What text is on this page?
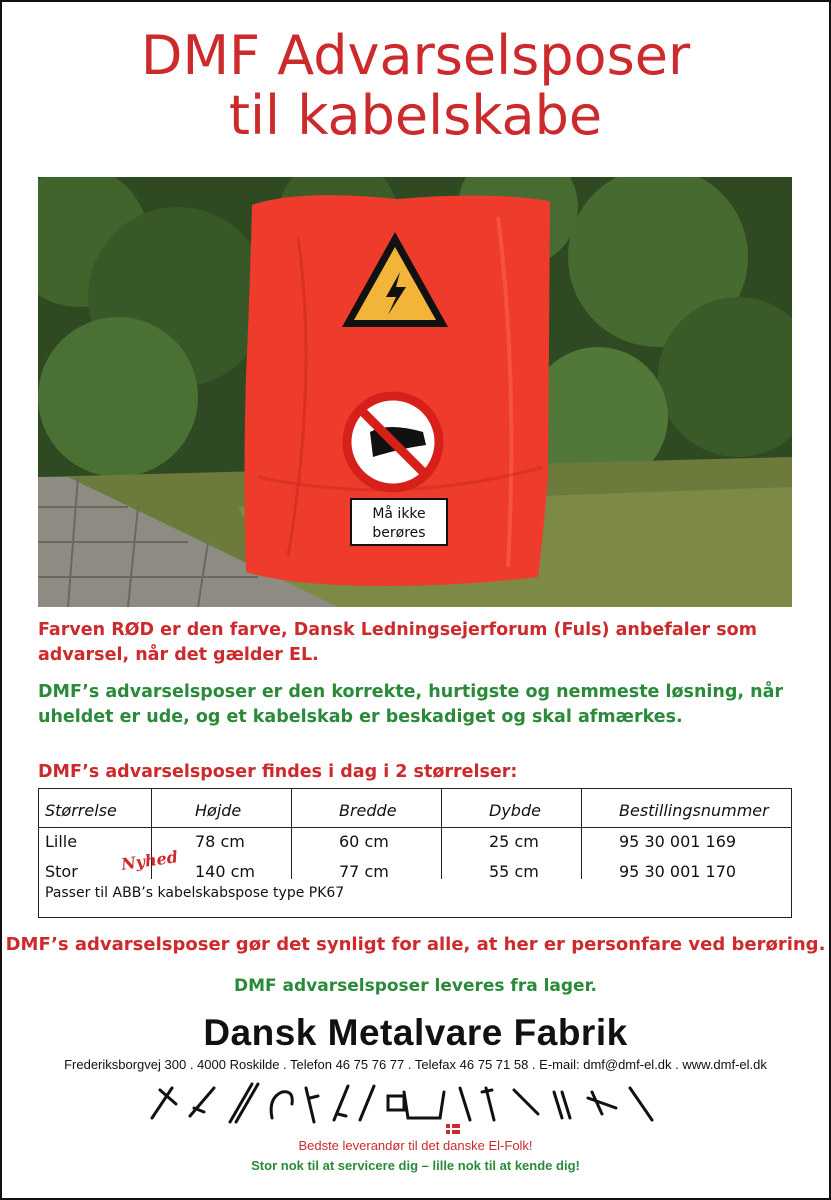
DMF Advarselsposer
til kabelskabe
Må ikke
berøres
Farven RØD er den farve, Dansk Ledningsejerforum (Fuls) anbefaler som advarsel, når det gælder EL.
DMF’s advarselsposer er den korrekte, hurtigste og nemmeste løsning, når uheldet er ude, og et kabelskab er beskadiget og skal afmærkes.
DMF’s advarselsposer findes i dag i 2 størrelser:
Størrelse	Højde	Bredde	Dybde	Bestillingsnummer
Lille	78 cm	60 cm	25 cm	95 30 001 169
Stor	Nyhed 140 cm	77 cm	55 cm	95 30 001 170
Passer til ABB’s kabelskabspose type PK67
DMF’s advarselsposer gør det synligt for alle, at her er personfare ved berøring.
DMF advarselsposer leveres fra lager.
Dansk Metalvare Fabrik
Frederiksborgvej 300 . 4000 Roskilde . Telefon 46 75 76 77 . Telefax 46 75 71 58 . E-mail: dmf@dmf-el.dk . www.dmf-el.dk
Bedste leverandør til det danske El-Folk!
Stor nok til at servicere dig – lille nok til at kende dig!
